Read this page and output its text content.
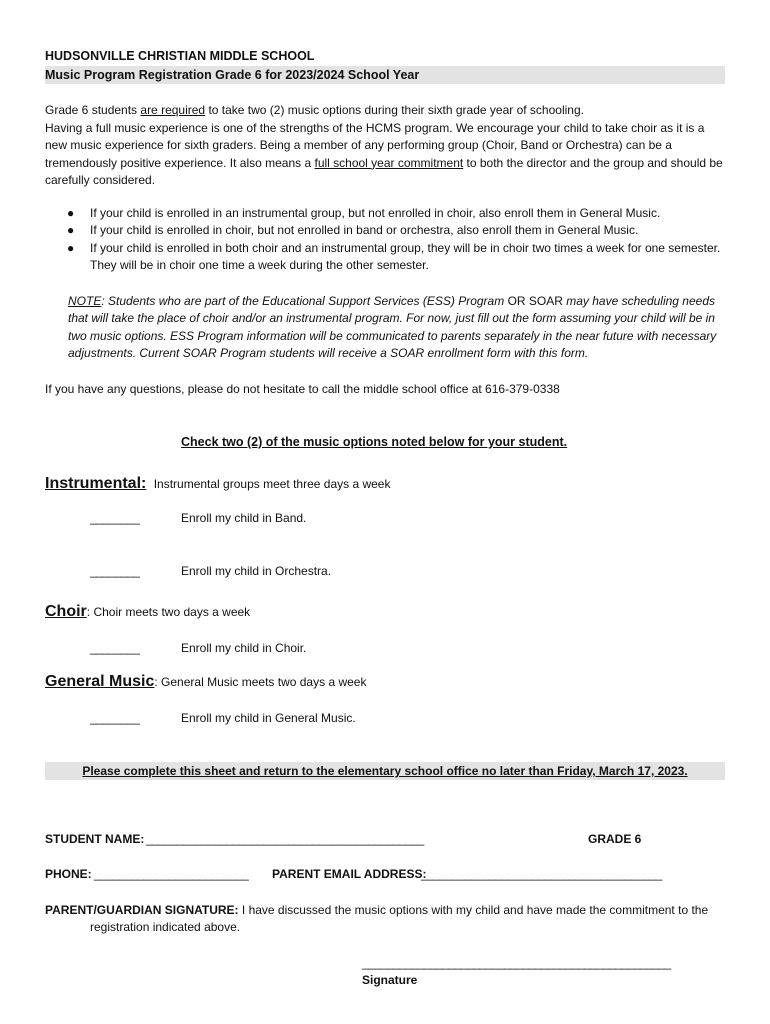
HUDSONVILLE CHRISTIAN MIDDLE SCHOOL
Music Program Registration Grade 6 for 2023/2024 School Year

Grade 6 students are required to take two (2) music options during their sixth grade year of schooling.

Having a full music experience is one of the strengths of the HCMS program. We encourage your child to take choir as it is a new music experience for sixth graders. Being a member of any performing group (Choir, Band or Orchestra) can be a tremendously positive experience. It also means a full school year commitment to both the director and the group and should be carefully considered.

● If your child is enrolled in an instrumental group, but not enrolled in choir, also enroll them in General Music.
● If your child is enrolled in choir, but not enrolled in band or orchestra, also enroll them in General Music.
● If your child is enrolled in both choir and an instrumental group, they will be in choir two times a week for one semester. They will be in choir one time a week during the other semester.

NOTE: Students who are part of the Educational Support Services (ESS) Program OR SOAR may have scheduling needs that will take the place of choir and/or an instrumental program. For now, just fill out the form assuming your child will be in two music options. ESS Program information will be communicated to parents separately in the near future with necessary adjustments. Current SOAR Program students will receive a SOAR enrollment form with this form.

If you have any questions, please do not hesitate to call the middle school office at 616-379-0338
Check two (2) of the music options noted below for your student.
Instrumental: Instrumental groups meet three days a week
________	Enroll my child in Band.
________	Enroll my child in Orchestra.
Choir: Choir meets two days a week
________	Enroll my child in Choir.
General Music: General Music meets two days a week
________	Enroll my child in General Music.
Please complete this sheet and return to the elementary school office no later than Friday, March 17, 2023.
STUDENT NAME: _____________________________________________	GRADE 6
PHONE: _________________________ PARENT EMAIL ADDRESS:
_______________________________________

PARENT/GUARDIAN SIGNATURE: I have discussed the music options with my child and have made the commitment to the registration indicated above.

__________________________________________________
Signature
